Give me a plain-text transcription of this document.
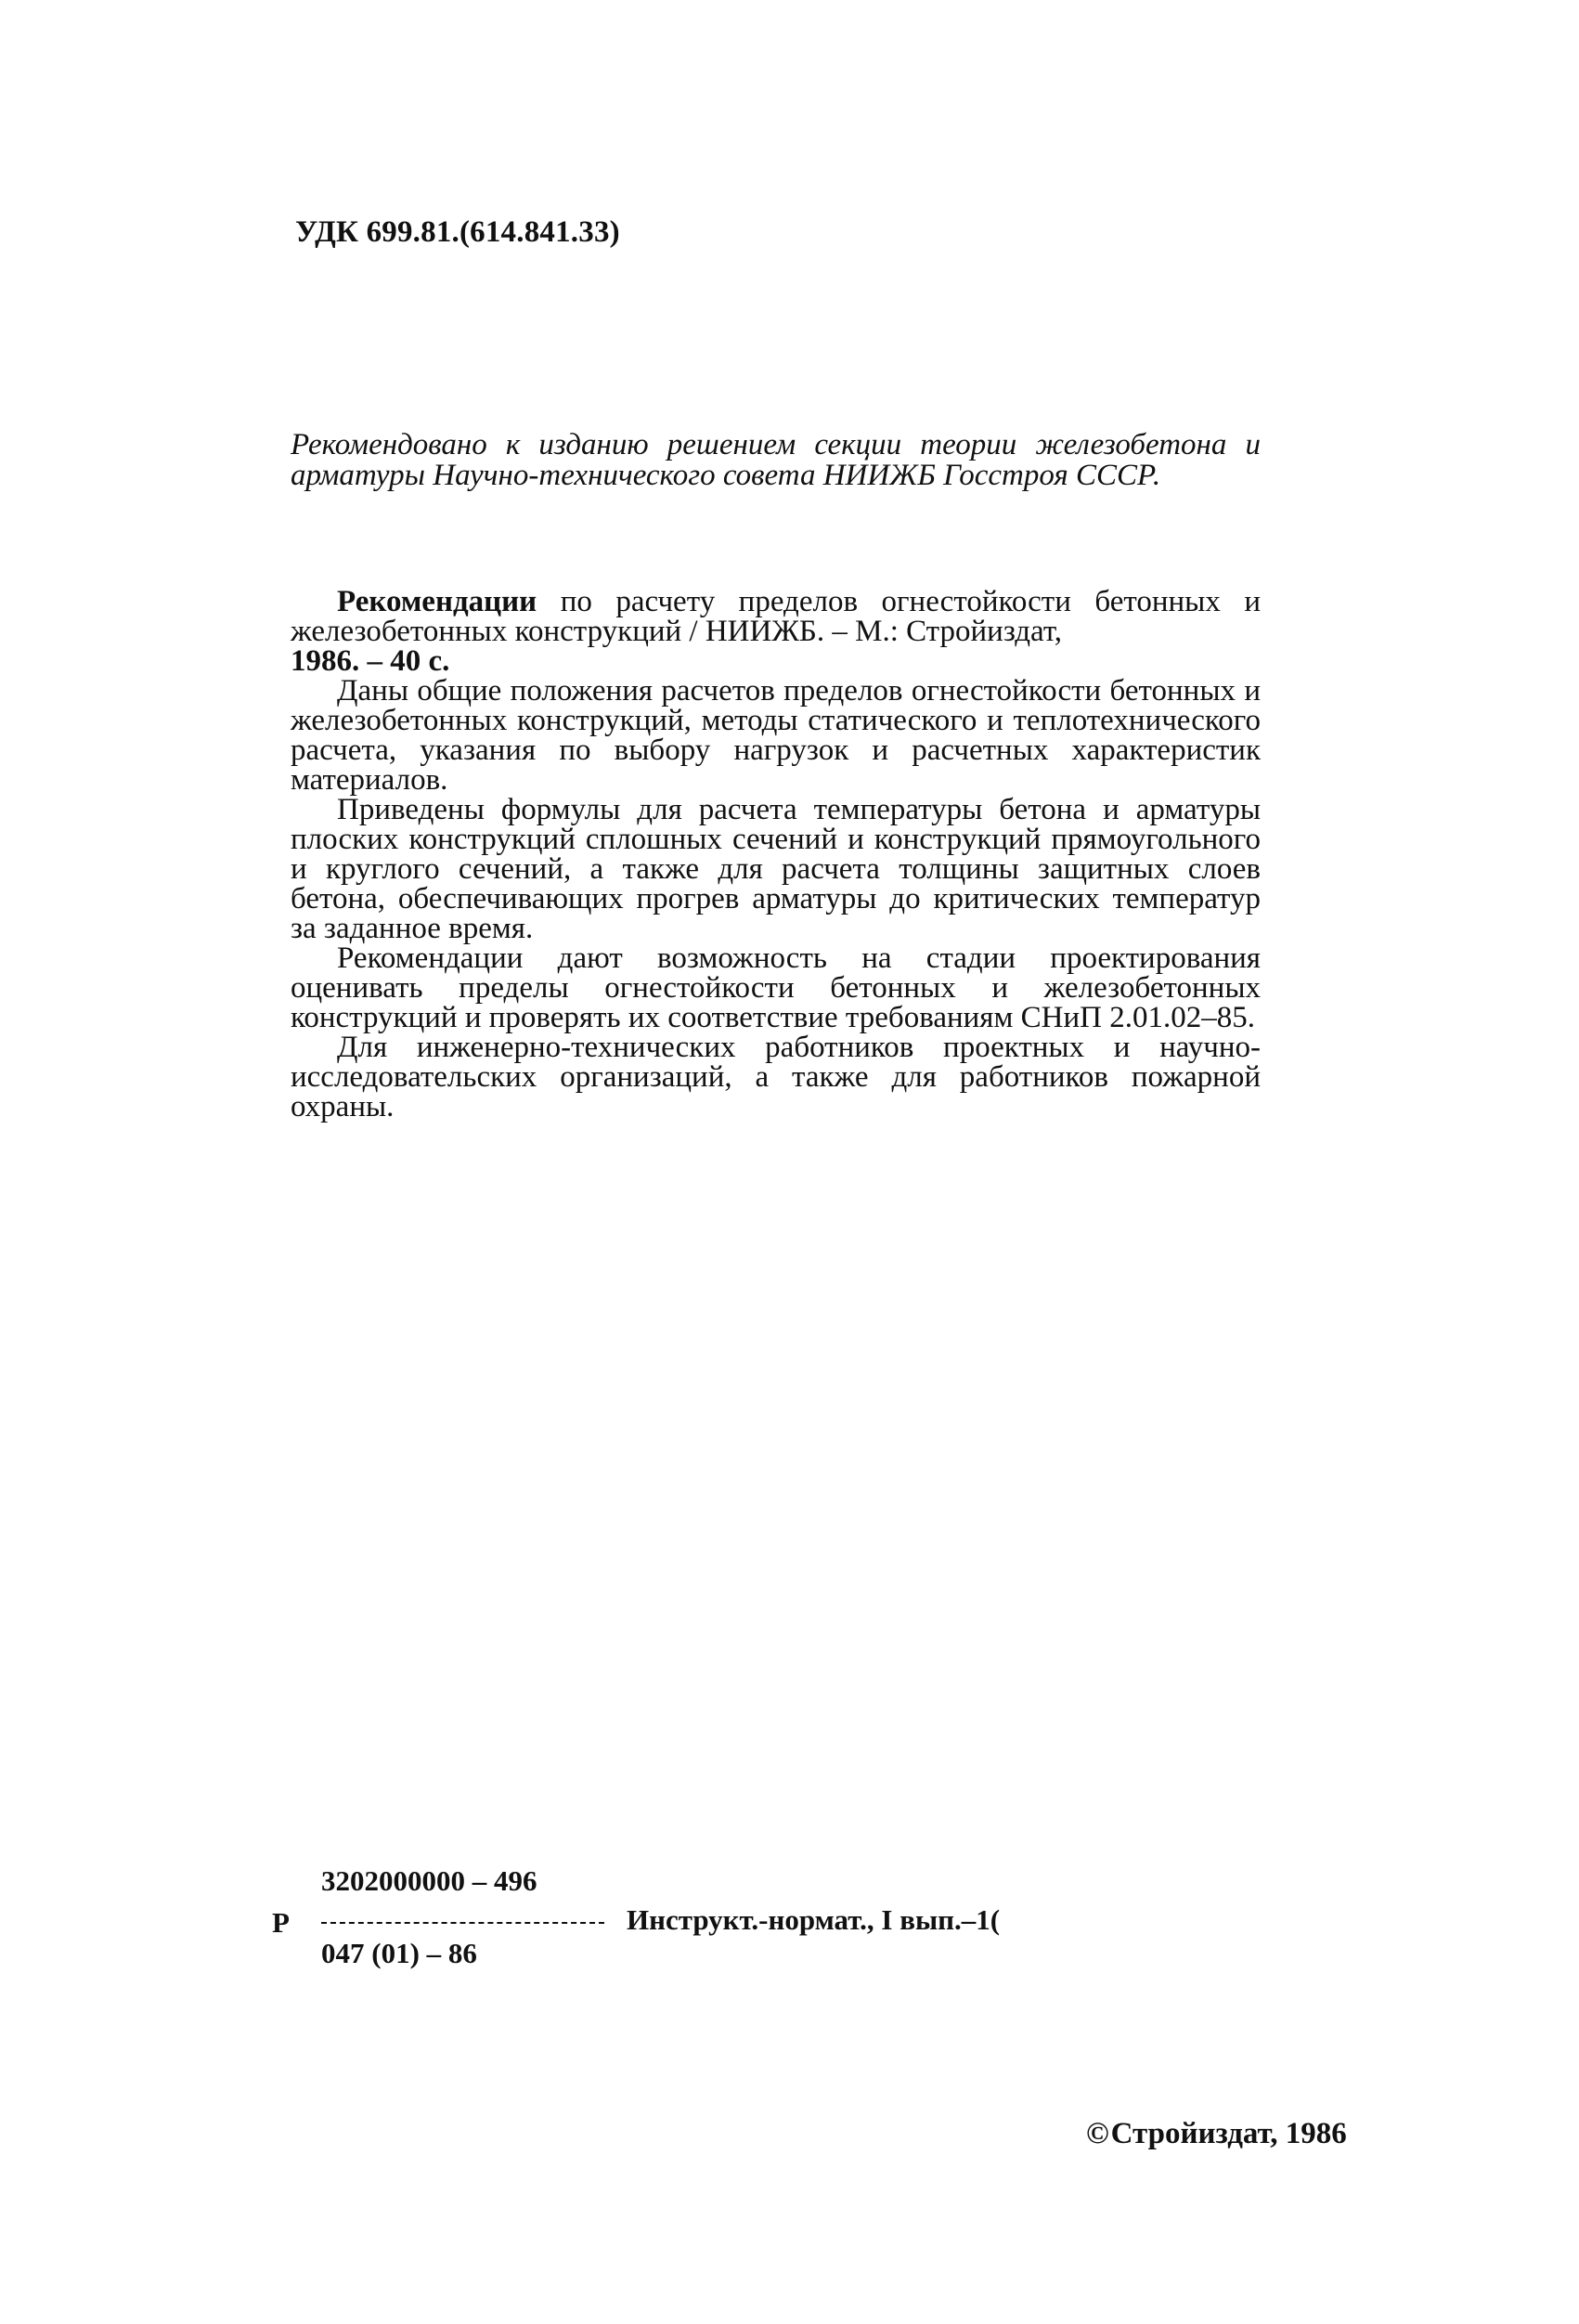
УДК 699.81.(614.841.33)
Рекомендовано к изданию решением секции теории железобетона и арматуры Научно-технического совета НИИЖБ Госстроя СССР.

Рекомендации по расчету пределов огнестойкости бетонных и железобетонных конструкций / НИИЖБ. – М.: Стройиздат,
1986. – 40 с.

Даны общие положения расчетов пределов огнестойкости бетонных и железобетонных конструкций, методы статического и теплотехнического расчета, указания по выбору нагрузок и расчетных характеристик материалов.

Приведены формулы для расчета температуры бетона и арматуры плоских конструкций сплошных сечений и конструкций прямоугольного и круглого сечений, а также для расчета толщины защитных слоев бетона, обеспечивающих прогрев арматуры до критических температур за заданное время.

Рекомендации дают возможность на стадии проектирования оценивать пределы огнестойкости бетонных и железобетонных конструкций и проверять их соответствие требованиям СНиП 2.01.02–85.

Для инженерно-технических работников проектных и научно-исследовательских организаций, а также для работников пожарной охраны.

Р
3202000000 – 496
047 (01) – 86
Инструкт.-нормат., I вып.–1(
©Стройиздат, 1986
